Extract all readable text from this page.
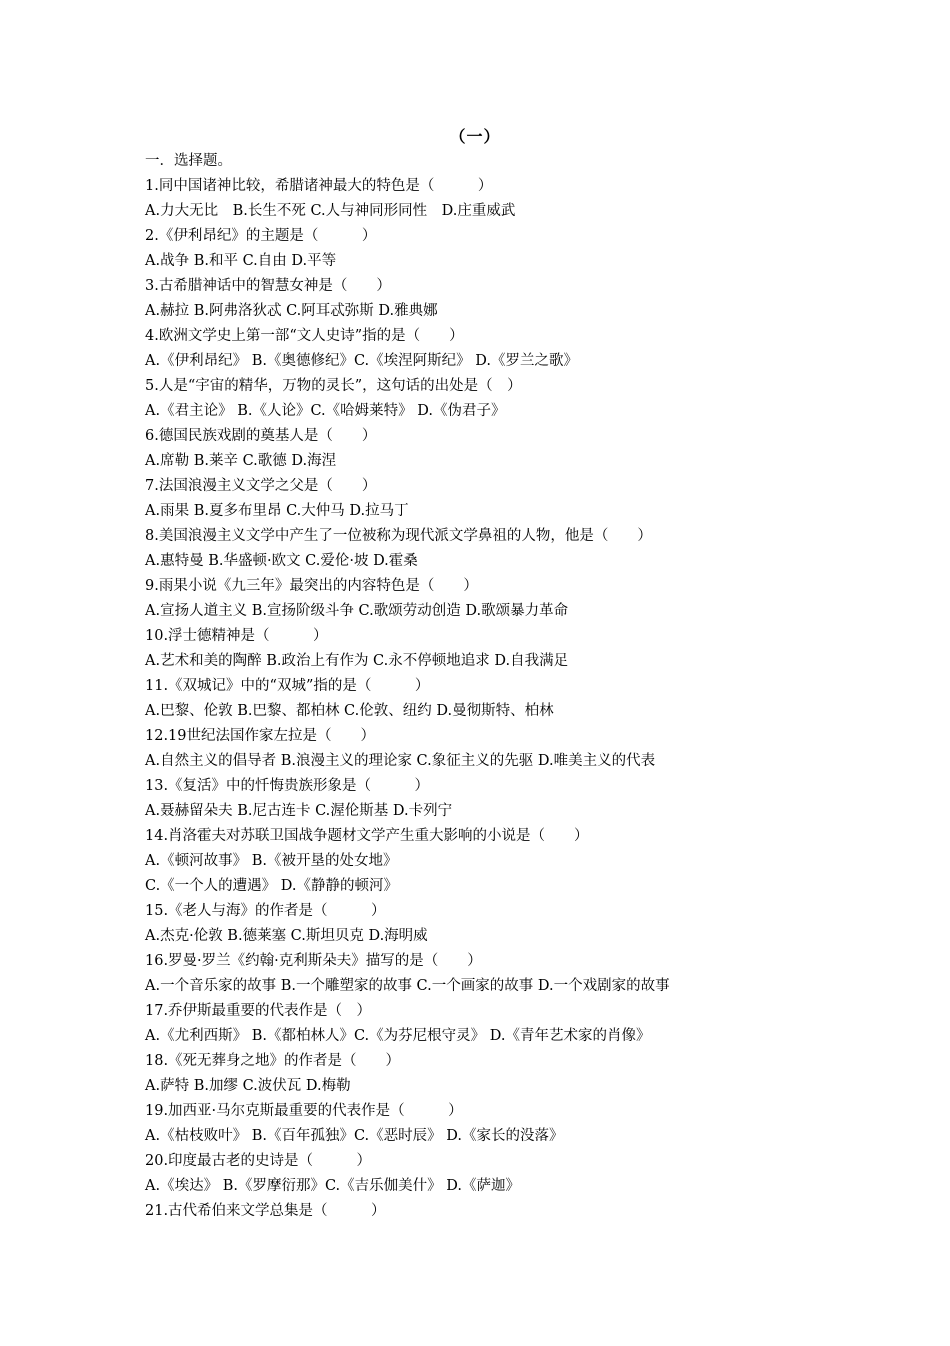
（一）
一．选择题。
1.同中国诸神比较，希腊诸神最大的特色是（　　　）
A.力大无比　B.长生不死 C.人与神同形同性　D.庄重威武
2.《伊利昂纪》的主题是（　　　）
A.战争 B.和平 C.自由 D.平等
3.古希腊神话中的智慧女神是（　　）
A.赫拉 B.阿弗洛狄忒 C.阿耳忒弥斯 D.雅典娜
4.欧洲文学史上第一部“文人史诗”指的是（　　）
A.《伊利昂纪》 B.《奥德修纪》C.《埃涅阿斯纪》 D.《罗兰之歌》
5.人是“宇宙的精华，万物的灵长”，这句话的出处是（　）
A.《君主论》 B.《人论》C.《哈姆莱特》 D.《伪君子》
6.德国民族戏剧的奠基人是（　　）
A.席勒 B.莱辛 C.歌德 D.海涅
7.法国浪漫主义文学之父是（　　）
A.雨果 B.夏多布里昂 C.大仲马 D.拉马丁
8.美国浪漫主义文学中产生了一位被称为现代派文学鼻祖的人物，他是（　　）
A.惠特曼 B.华盛顿·欧文 C.爱伦·坡 D.霍桑
9.雨果小说《九三年》最突出的内容特色是（　　）
A.宣扬人道主义 B.宣扬阶级斗争 C.歌颂劳动创造 D.歌颂暴力革命
10.浮士德精神是（　　　）
A.艺术和美的陶醉 B.政治上有作为 C.永不停顿地追求 D.自我满足
11.《双城记》中的“双城”指的是（　　　）
A.巴黎、伦敦 B.巴黎、都柏林 C.伦敦、纽约 D.曼彻斯特、柏林
12.19世纪法国作家左拉是（　　）
A.自然主义的倡导者 B.浪漫主义的理论家 C.象征主义的先驱 D.唯美主义的代表
13.《复活》中的忏悔贵族形象是（　　　）
A.聂赫留朵夫 B.尼古连卡 C.渥伦斯基 D.卡列宁
14.肖洛霍夫对苏联卫国战争题材文学产生重大影响的小说是（　　）
A.《顿河故事》 B.《被开垦的处女地》
C.《一个人的遭遇》 D.《静静的顿河》
15.《老人与海》的作者是（　　　）
A.杰克·伦敦 B.德莱塞 C.斯坦贝克 D.海明威
16.罗曼·罗兰《约翰·克利斯朵夫》描写的是（　　）
A.一个音乐家的故事 B.一个雕塑家的故事 C.一个画家的故事 D.一个戏剧家的故事
17.乔伊斯最重要的代表作是（　）
A.《尤利西斯》 B.《都柏林人》C.《为芬尼根守灵》 D.《青年艺术家的肖像》
18.《死无葬身之地》的作者是（　　）
A.萨特 B.加缪 C.波伏瓦 D.梅勒
19.加西亚·马尔克斯最重要的代表作是（　　　）
A.《枯枝败叶》 B.《百年孤独》C.《恶时辰》 D.《家长的没落》
20.印度最古老的史诗是（　　　）
A.《埃达》 B.《罗摩衍那》C.《吉乐伽美什》 D.《萨迦》
21.古代希伯来文学总集是（　　　）
